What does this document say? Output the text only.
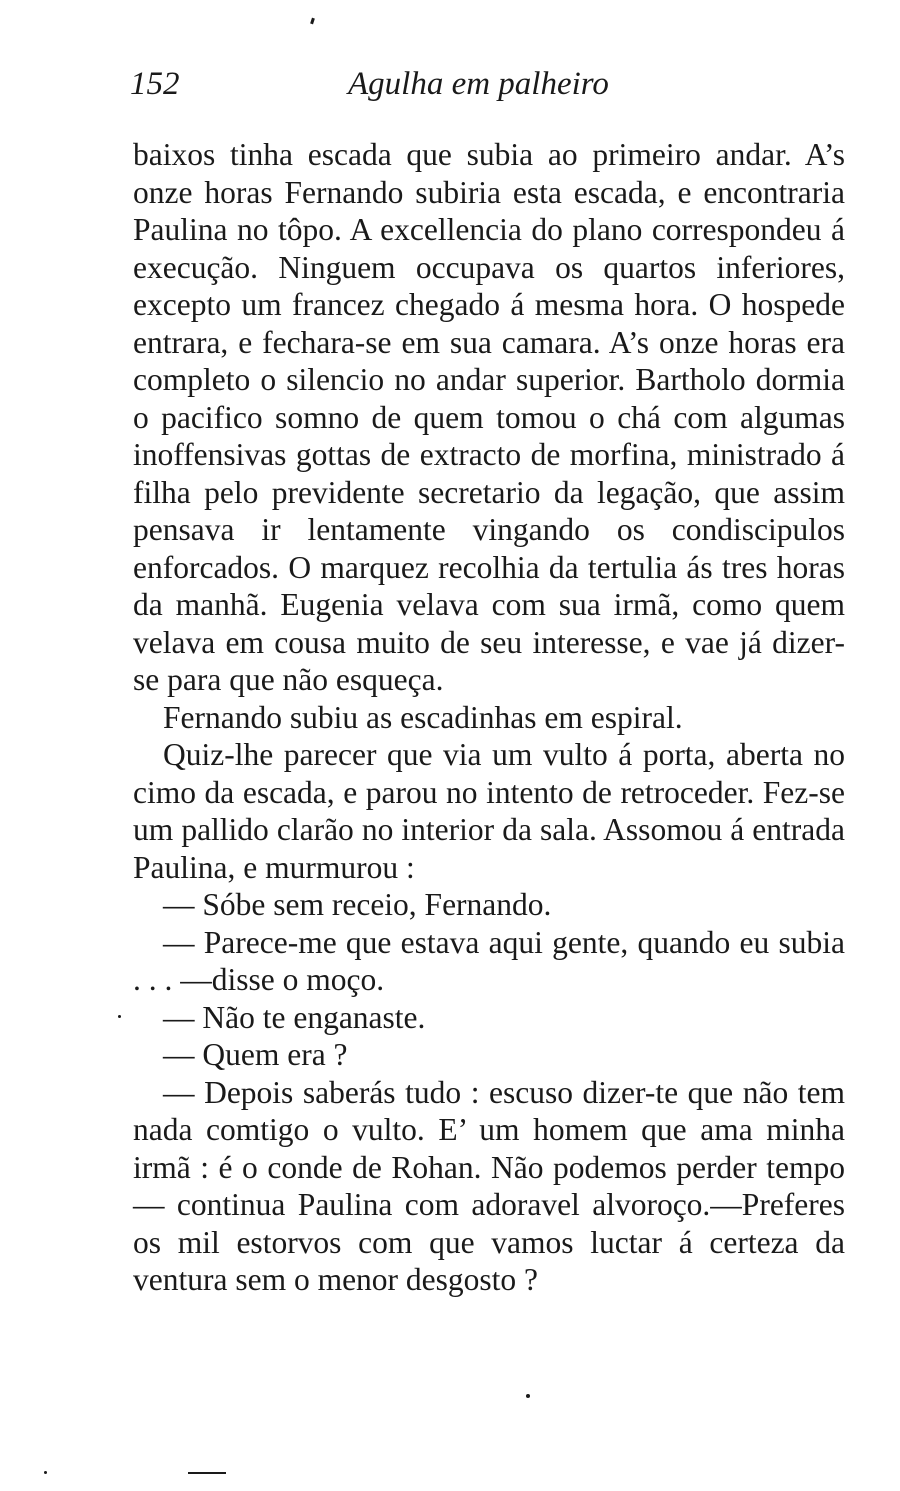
152	Agulha em palheiro

baixos tinha escada que subia ao primeiro andar. A’s onze horas Fernando subiria esta escada, e encontraria Paulina no tôpo. A excellencia do plano correspondeu á execução. Ninguem occupava os quartos inferiores, excepto um francez chegado á mesma hora. O hospede entrara, e fechara-se em sua camara. A’s onze horas era completo o silencio no andar superior. Bartholo dormia o pacifico somno de quem tomou o chá com algumas inoffensivas gottas de extracto de morfina, ministrado á filha pelo previdente secretario da legação, que assim pensava ir lentamente vingando os condiscipulos enforcados. O marquez recolhia da tertulia ás tres horas da manhã. Eugenia velava com sua irmã, como quem velava em cousa muito de seu interesse, e vae já dizer-se para que não esqueça.

Fernando subiu as escadinhas em espiral.

Quiz-lhe parecer que via um vulto á porta, aberta no cimo da escada, e parou no intento de retroceder. Fez-se um pallido clarão no interior da sala. Assomou á entrada Paulina, e murmurou :

— Sóbe sem receio, Fernando.

— Parece-me que estava aqui gente, quando eu subia . . . —disse o moço.

— Não te enganaste.

— Quem era ?

— Depois saberás tudo : escuso dizer-te que não tem nada comtigo o vulto. E’ um homem que ama minha irmã : é o conde de Rohan. Não podemos perder tempo — continua Paulina com adoravel alvoroço.—Preferes os mil estorvos com que vamos luctar á certeza da ventura sem o menor desgosto ?
